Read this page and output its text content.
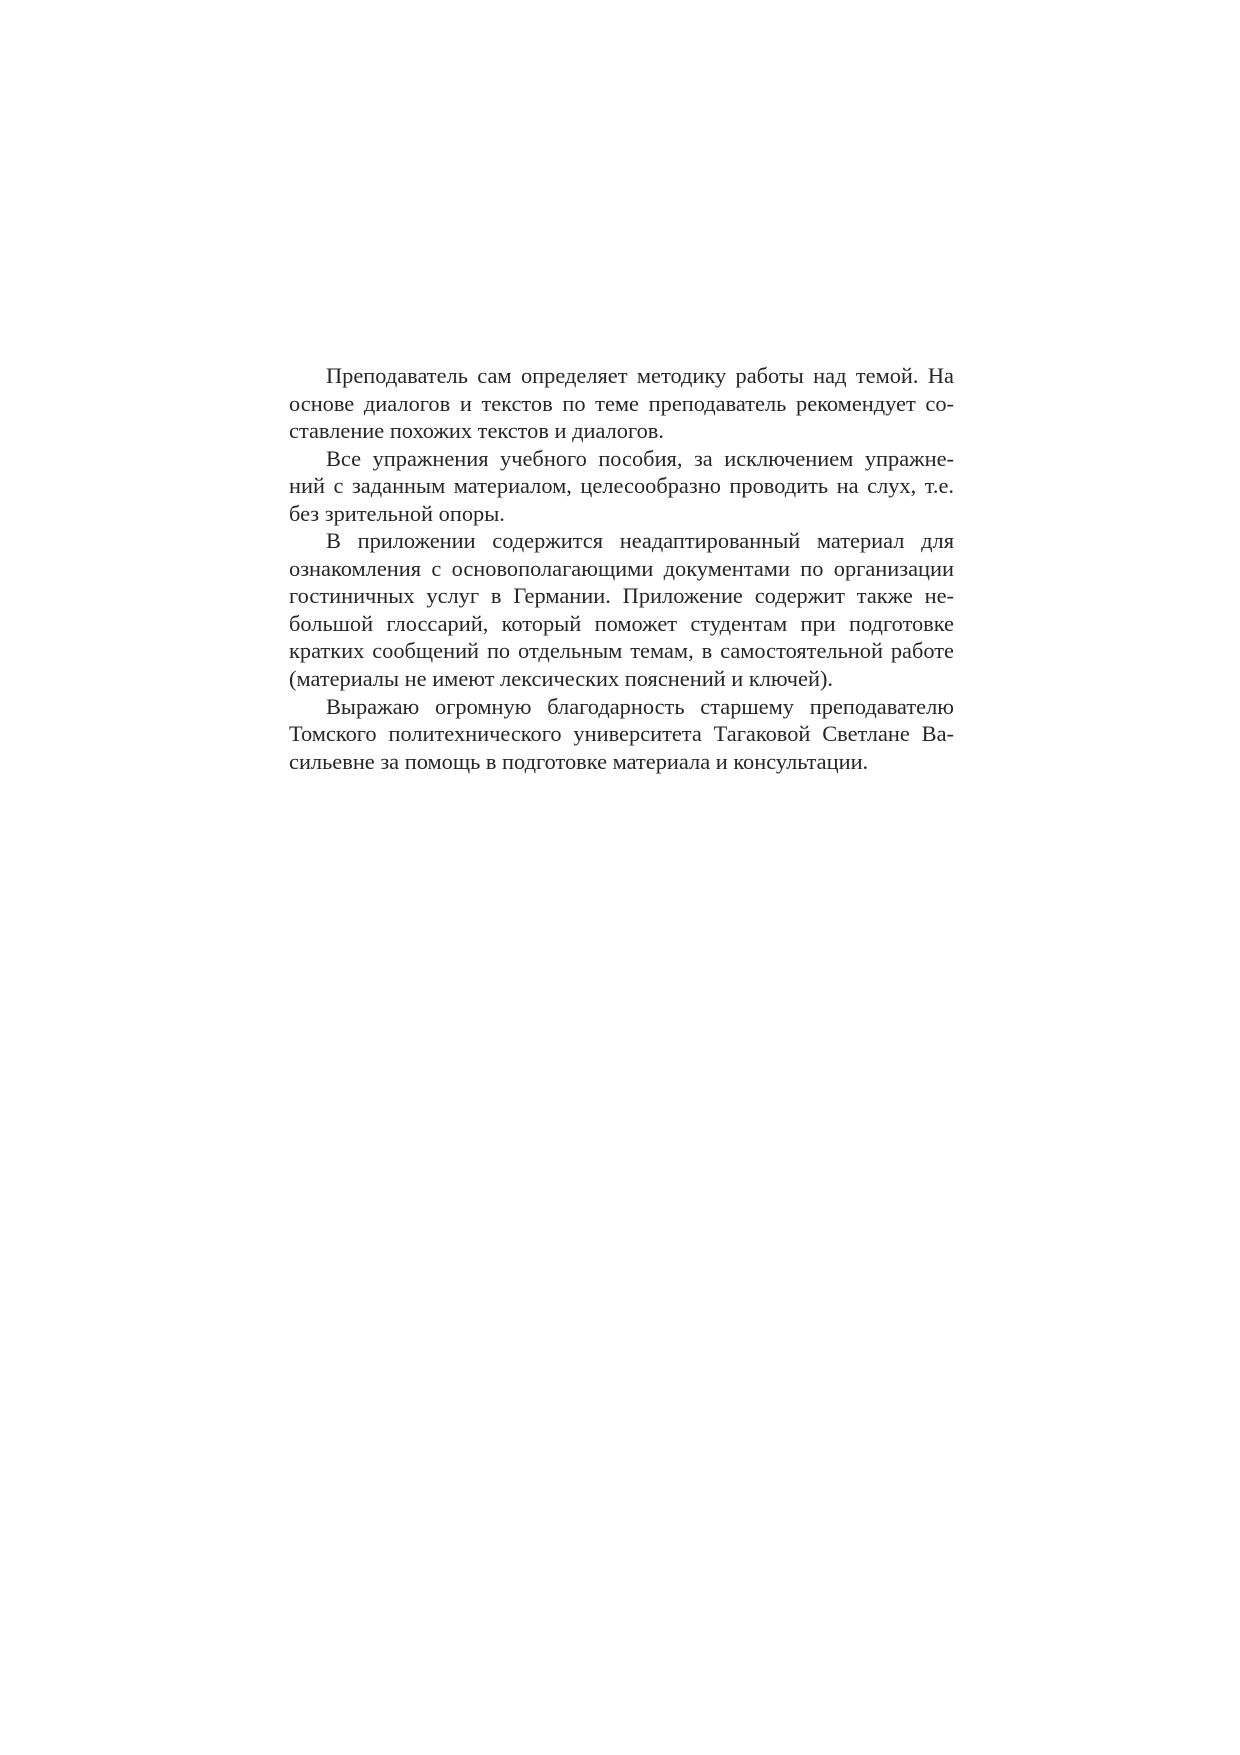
Преподаватель сам определяет методику работы над темой. На
основе диалогов и текстов по теме преподаватель рекомендует со-
ставление похожих текстов и диалогов.
Все упражнения учебного пособия, за исключением упражне-
ний с заданным материалом, целесообразно проводить на слух, т.е.
без зрительной опоры.
В приложении содержится неадаптированный материал для
ознакомления с основополагающими документами по организации
гостиничных услуг в Германии. Приложение содержит также не-
большой глоссарий, который поможет студентам при подготовке
кратких сообщений по отдельным темам, в самостоятельной работе
(материалы не имеют лексических пояснений и ключей).
Выражаю огромную благодарность старшему преподавателю
Томского политехнического университета Тагаковой Светлане Ва-
сильевне за помощь в подготовке материала и консультации.
